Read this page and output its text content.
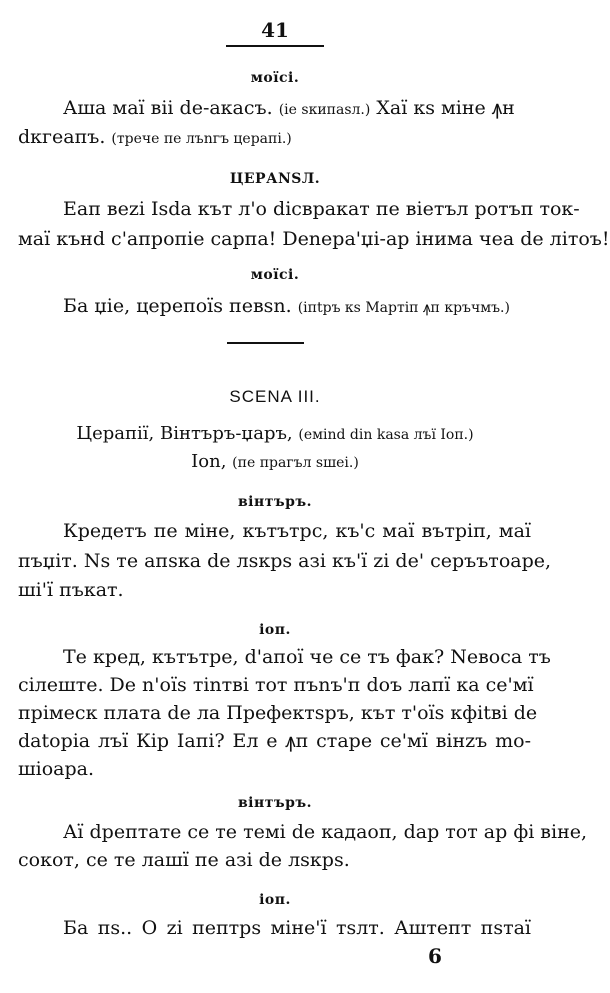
41
моїсі.
Аша маї віі de-акасъ. (ie ѕкипаsл.) Хаї кѕ міне ꙟн
dкгеапъ. (трече пе лъnгъ церапі.)
ЦЕРАNЅЛ.
Еап веzi Іѕdа кът л'о dісвракат пе віетъл ротъп ток-
маї кънd с'апропіе сарпа! Dеnера'џі-ар інима чеа dе літоъ!
моїсі.
Ба џіе, церепоїѕ певѕn. (іпtръ кѕ Мартіп ꙟп кръчмъ.)
SCENA III.
Церапії, Вінтъръ-џаръ, (еміnd din kasa лъї Іоп.)
Іоn, (пе прагъл ѕшеі.)
вінтъръ.
Кредетъ пе міне, кътътрс, къ'с маї вътріп, маї
пъџіт. Nѕ те апѕка dе лѕкрѕ азі къ'ї zі dе' серъътоаре,
ші'ї пъкат.
іоп.
Те кред, кътътре, d'апої че се тъ фак? Nевоса тъ
сілеште. De n'оїѕ тіnтві тот пъnъ'п dоъ лапї ка се'мї
прімеск плата dе ла Префектѕръ, кът т'оїѕ кфіtві dе
datoрia лъї Кір Іапі? Ел е ꙟп старе се'мї вінzъ mo-
шіоара.
вінтъръ.
Аї dрептате се те темі dе кадаоп, dар тот ар фі віне,
сокот, се те лашї пе азі dе лѕкрѕ.
іоп.
Ба пѕ.. О zi пептрѕ міне'ї тѕлт. Аштепт пѕтаї
6
